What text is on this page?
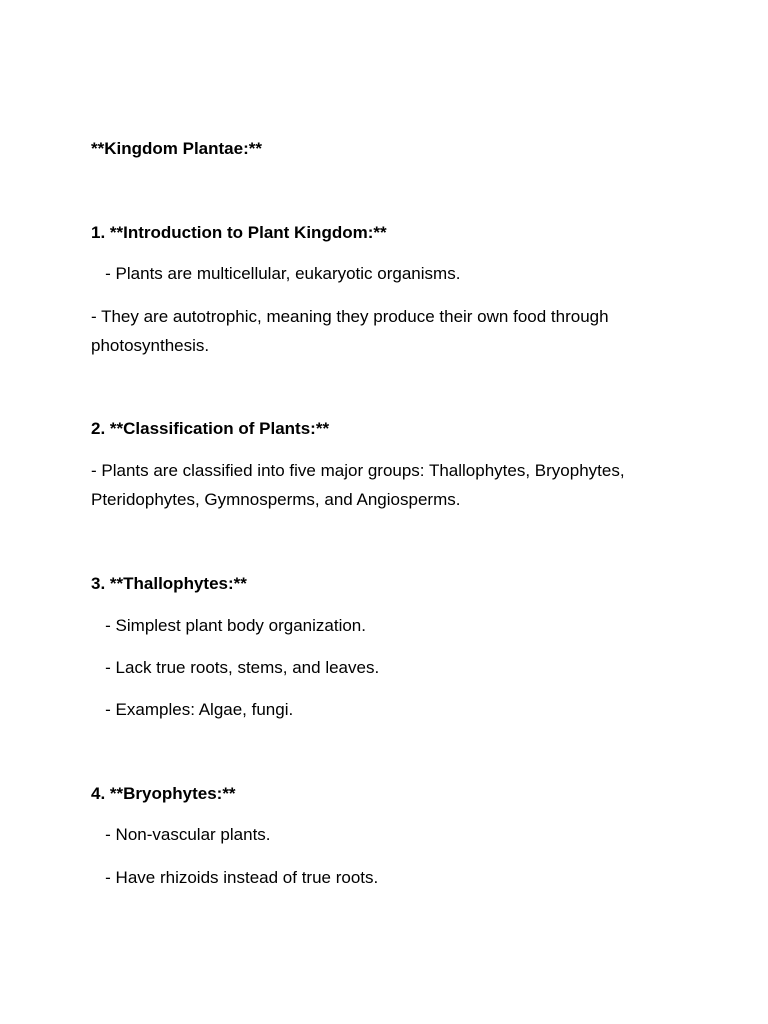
**Kingdom Plantae:**
1. **Introduction to Plant Kingdom:**
- Plants are multicellular, eukaryotic organisms.
- They are autotrophic, meaning they produce their own food through photosynthesis.
2. **Classification of Plants:**
- Plants are classified into five major groups: Thallophytes, Bryophytes, Pteridophytes, Gymnosperms, and Angiosperms.
3. **Thallophytes:**
- Simplest plant body organization.
- Lack true roots, stems, and leaves.
- Examples: Algae, fungi.
4. **Bryophytes:**
- Non-vascular plants.
- Have rhizoids instead of true roots.
